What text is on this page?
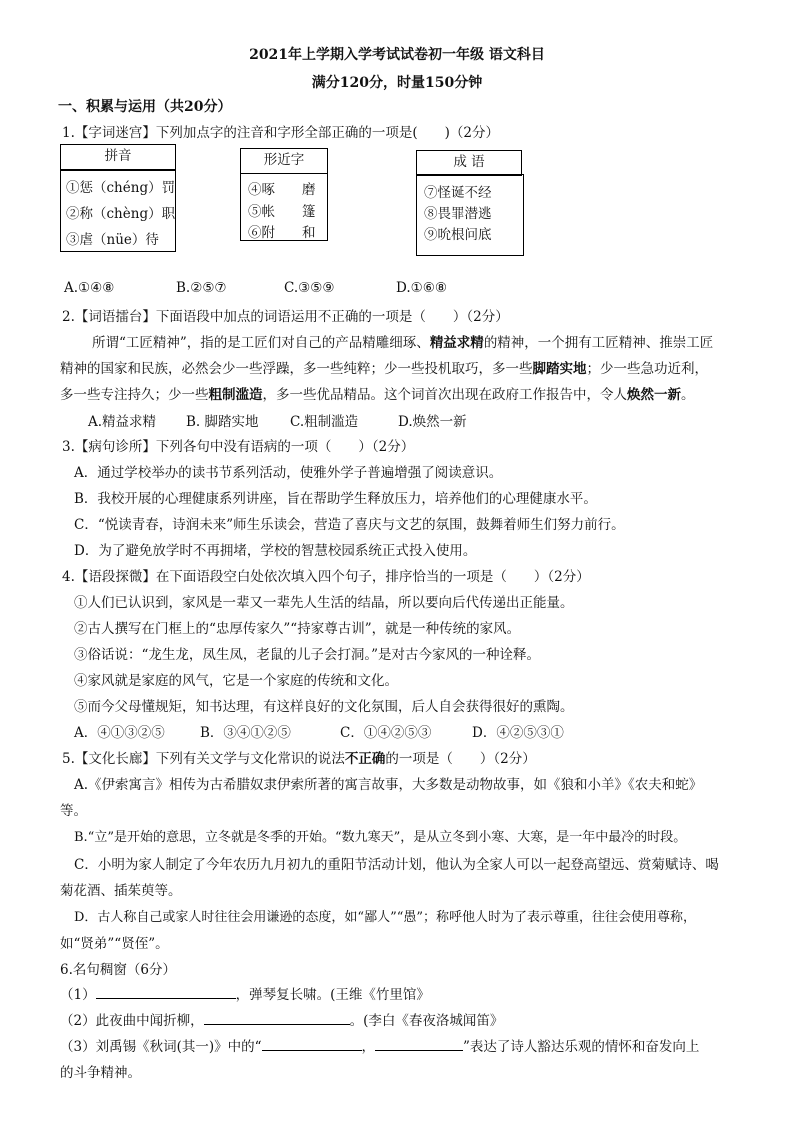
2021年上学期入学考试试卷初一年级 语文科目
满分120分，时量150分钟
一、积累与运用（共20分）
1.【字词迷宫】下列加点字的注音和字形全部正确的一项是(　　)（2分）
拼音
①惩（chéng）罚
②称（chèng）职
③虐（nüe）待
形近字
④啄　　磨
⑤帐　　篷
⑥附　　和
成 语
⑦怪诞不经
⑧畏罪潜逃
⑨吮根问底
A.①④⑧	B.②⑤⑦	C.③⑤⑨	D.①⑥⑧
2.【词语擂台】下面语段中加点的词语运用不正确的一项是（　　）（2分）
所谓“工匠精神”，指的是工匠们对自己的产品精雕细琢、精益求精的精神，一个拥有工匠精神、推崇工匠
精神的国家和民族，必然会少一些浮躁，多一些纯粹；少一些投机取巧，多一些脚踏实地；少一些急功近利，
多一些专注持久；少一些粗制滥造，多一些优品精品。这个词首次出现在政府工作报告中，令人焕然一新。
A.精益求精 B. 脚踏实地 C.粗制滥造	D.焕然一新
3.【病句诊所】下列各句中没有语病的一项（　　）（2分）
A．通过学校举办的读书节系列活动，使雅外学子普遍增强了阅读意识。
B．我校开展的心理健康系列讲座，旨在帮助学生释放压力，培养他们的心理健康水平。
C．“悦读青春，诗润未来”师生乐读会，营造了喜庆与文艺的氛围，鼓舞着师生们努力前行。
D．为了避免放学时不再拥堵，学校的智慧校园系统正式投入使用。
4.【语段探微】在下面语段空白处依次填入四个句子，排序恰当的一项是（　　）（2分）
①人们已认识到，家风是一辈又一辈先人生活的结晶，所以要向后代传递出正能量。
②古人撰写在门框上的“忠厚传家久”“持家尊古训”，就是一种传统的家风。
③俗话说：“龙生龙，凤生凤，老鼠的儿子会打洞。”是对古今家风的一种诠释。
④家风就是家庭的风气，它是一个家庭的传统和文化。
⑤而今父母懂规矩，知书达理，有这样良好的文化氛围，后人自会获得很好的熏陶。
A．④①③②⑤	B．③④①②⑤	C．①④②⑤③	D．④②⑤③①
5.【文化长廊】下列有关文学与文化常识的说法不正确的一项是（　　）（2分）
A.《伊索寓言》相传为古希腊奴隶伊索所著的寓言故事，大多数是动物故事，如《狼和小羊》《农夫和蛇》
等。
B.“立”是开始的意思，立冬就是冬季的开始。“数九寒天”，是从立冬到小寒、大寒，是一年中最冷的时段。
C．小明为家人制定了今年农历九月初九的重阳节活动计划，他认为全家人可以一起登高望远、赏菊赋诗、喝
菊花酒、插茱萸等。
D．古人称自己或家人时往往会用谦逊的态度，如“鄙人”“愚”；称呼他人时为了表示尊重，往往会使用尊称，
如“贤弟”“贤侄”。
6.名句稠窗（6分）
（1）	，弹琴复长啸。(王维《竹里馆》
（2）此夜曲中闻折柳，	。(李白《春夜洛城闻笛》
（3）刘禹锡《秋词(其一)》中的“	，	”表达了诗人豁达乐观的情怀和奋发向上
的斗争精神。
